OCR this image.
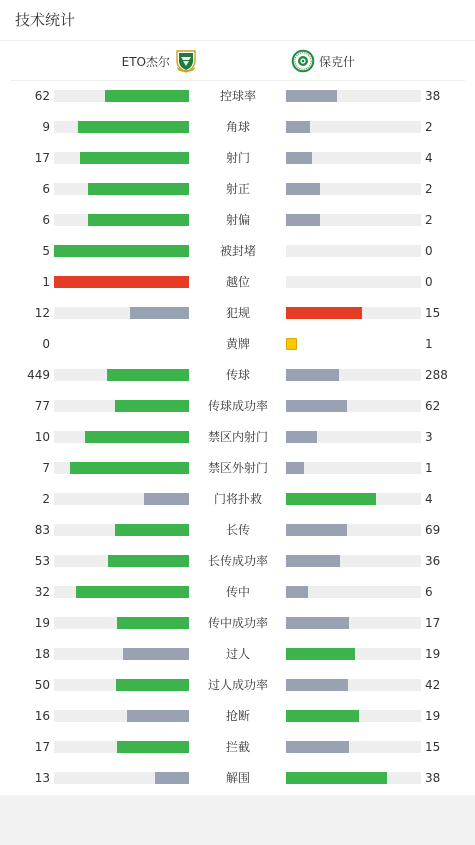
技术统计
ETO杰尔	保克什
62	控球率	38
9	角球	2
17	射门	4
6	射正	2
6	射偏	2
5	被封堵	0
1	越位	0
12	犯规	15
0	黄牌	1
449	传球	288
77	传球成功率	62
10	禁区内射门	3
7	禁区外射门	1
2	门将扑救	4
83	长传	69
53	长传成功率	36
32	传中	6
19	传中成功率	17
18	过人	19
50	过人成功率	42
16	抢断	19
17	拦截	15
13	解围	38
